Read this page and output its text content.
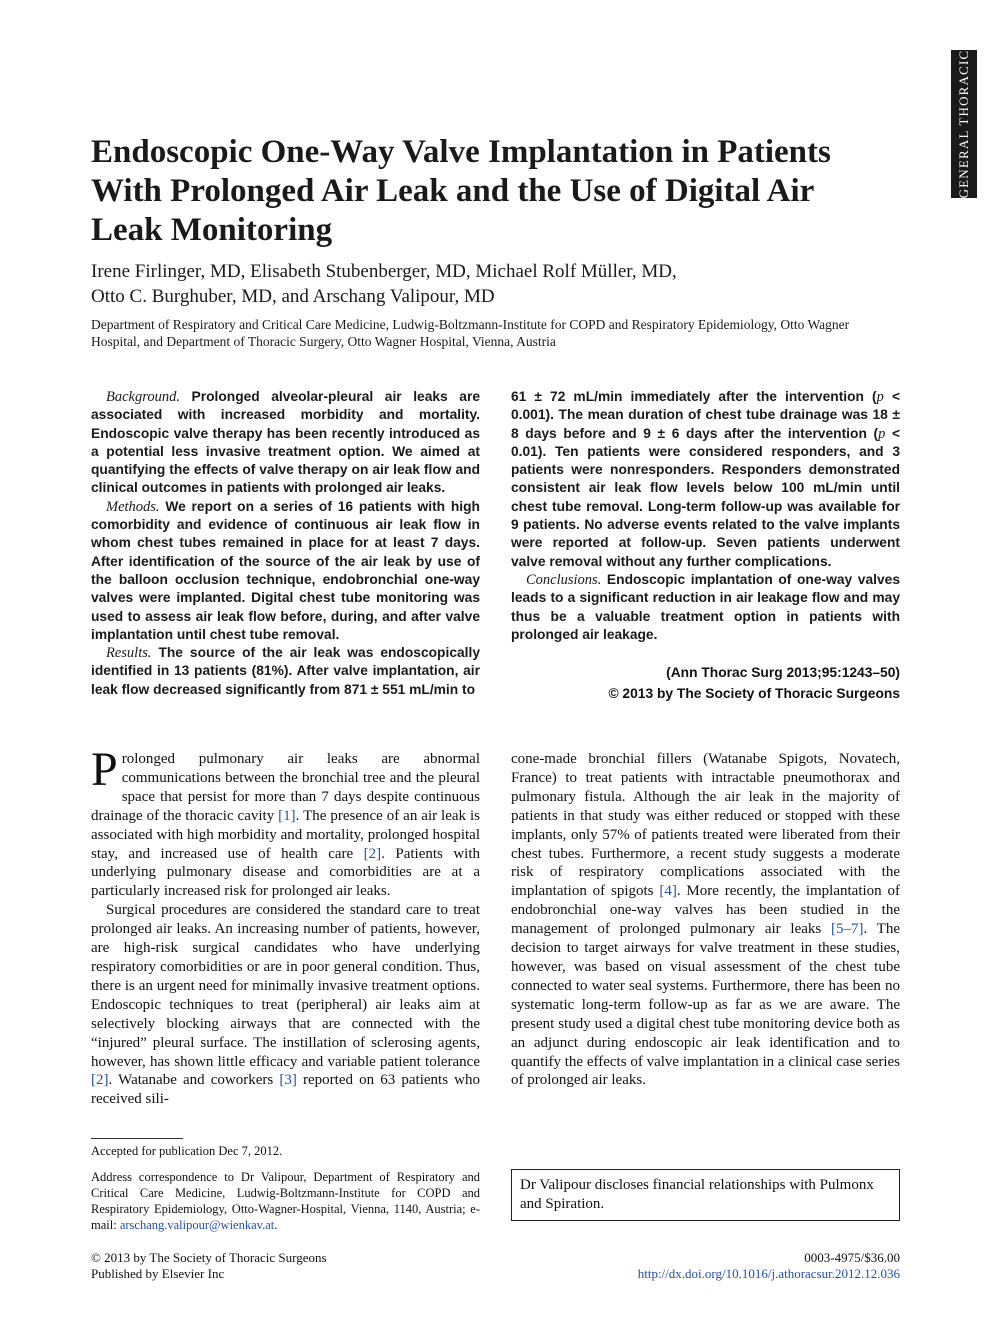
GENERAL THORACIC
Endoscopic One-Way Valve Implantation in Patients With Prolonged Air Leak and the Use of Digital Air Leak Monitoring
Irene Firlinger, MD, Elisabeth Stubenberger, MD, Michael Rolf Müller, MD,
Otto C. Burghuber, MD, and Arschang Valipour, MD
Department of Respiratory and Critical Care Medicine, Ludwig-Boltzmann-Institute for COPD and Respiratory Epidemiology, Otto Wagner Hospital, and Department of Thoracic Surgery, Otto Wagner Hospital, Vienna, Austria

Background. Prolonged alveolar-pleural air leaks are associated with increased morbidity and mortality. Endoscopic valve therapy has been recently introduced as a potential less invasive treatment option. We aimed at quantifying the effects of valve therapy on air leak flow and clinical outcomes in patients with prolonged air leaks.

Methods. We report on a series of 16 patients with high comorbidity and evidence of continuous air leak flow in whom chest tubes remained in place for at least 7 days. After identification of the source of the air leak by use of the balloon occlusion technique, endobronchial one-way valves were implanted. Digital chest tube monitoring was used to assess air leak flow before, during, and after valve implantation until chest tube removal.

Results. The source of the air leak was endoscopically identified in 13 patients (81%). After valve implantation, air leak flow decreased significantly from 871 ± 551 mL/min to

61 ± 72 mL/min immediately after the intervention (p < 0.001). The mean duration of chest tube drainage was 18 ± 8 days before and 9 ± 6 days after the intervention (p < 0.01). Ten patients were considered responders, and 3 patients were nonresponders. Responders demonstrated consistent air leak flow levels below 100 mL/min until chest tube removal. Long-term follow-up was available for 9 patients. No adverse events related to the valve implants were reported at follow-up. Seven patients underwent valve removal without any further complications.

Conclusions. Endoscopic implantation of one-way valves leads to a significant reduction in air leakage flow and may thus be a valuable treatment option in patients with prolonged air leakage.

(Ann Thorac Surg 2013;95:1243–50)
© 2013 by The Society of Thoracic Surgeons

Prolonged pulmonary air leaks are abnormal communications between the bronchial tree and the pleural space that persist for more than 7 days despite continuous drainage of the thoracic cavity [1]. The presence of an air leak is associated with high morbidity and mortality, prolonged hospital stay, and increased use of health care [2]. Patients with underlying pulmonary disease and comorbidities are at a particularly increased risk for prolonged air leaks.

Surgical procedures are considered the standard care to treat prolonged air leaks. An increasing number of patients, however, are high-risk surgical candidates who have underlying respiratory comorbidities or are in poor general condition. Thus, there is an urgent need for minimally invasive treatment options. Endoscopic techniques to treat (peripheral) air leaks aim at selectively blocking airways that are connected with the “injured” pleural surface. The instillation of sclerosing agents, however, has shown little efficacy and variable patient tolerance [2]. Watanabe and coworkers [3] reported on 63 patients who received sili-

cone-made bronchial fillers (Watanabe Spigots, Novatech, France) to treat patients with intractable pneumothorax and pulmonary fistula. Although the air leak in the majority of patients in that study was either reduced or stopped with these implants, only 57% of patients treated were liberated from their chest tubes. Furthermore, a recent study suggests a moderate risk of respiratory complications associated with the implantation of spigots [4]. More recently, the implantation of endobronchial one-way valves has been studied in the management of prolonged pulmonary air leaks [5–7]. The decision to target airways for valve treatment in these studies, however, was based on visual assessment of the chest tube connected to water seal systems. Furthermore, there has been no systematic long-term follow-up as far as we are aware. The present study used a digital chest tube monitoring device both as an adjunct during endoscopic air leak identification and to quantify the effects of valve implantation in a clinical case series of prolonged air leaks.

Accepted for publication Dec 7, 2012.

Address correspondence to Dr Valipour, Department of Respiratory and Critical Care Medicine, Ludwig-Boltzmann-Institute for COPD and Respiratory Epidemiology, Otto-Wagner-Hospital, Vienna, 1140, Austria; e-mail: arschang.valipour@wienkav.at.

Dr Valipour discloses financial relationships with Pulmonx and Spiration.
© 2013 by The Society of Thoracic Surgeons
Published by Elsevier Inc
0003-4975/$36.00
http://dx.doi.org/10.1016/j.athoracsur.2012.12.036
